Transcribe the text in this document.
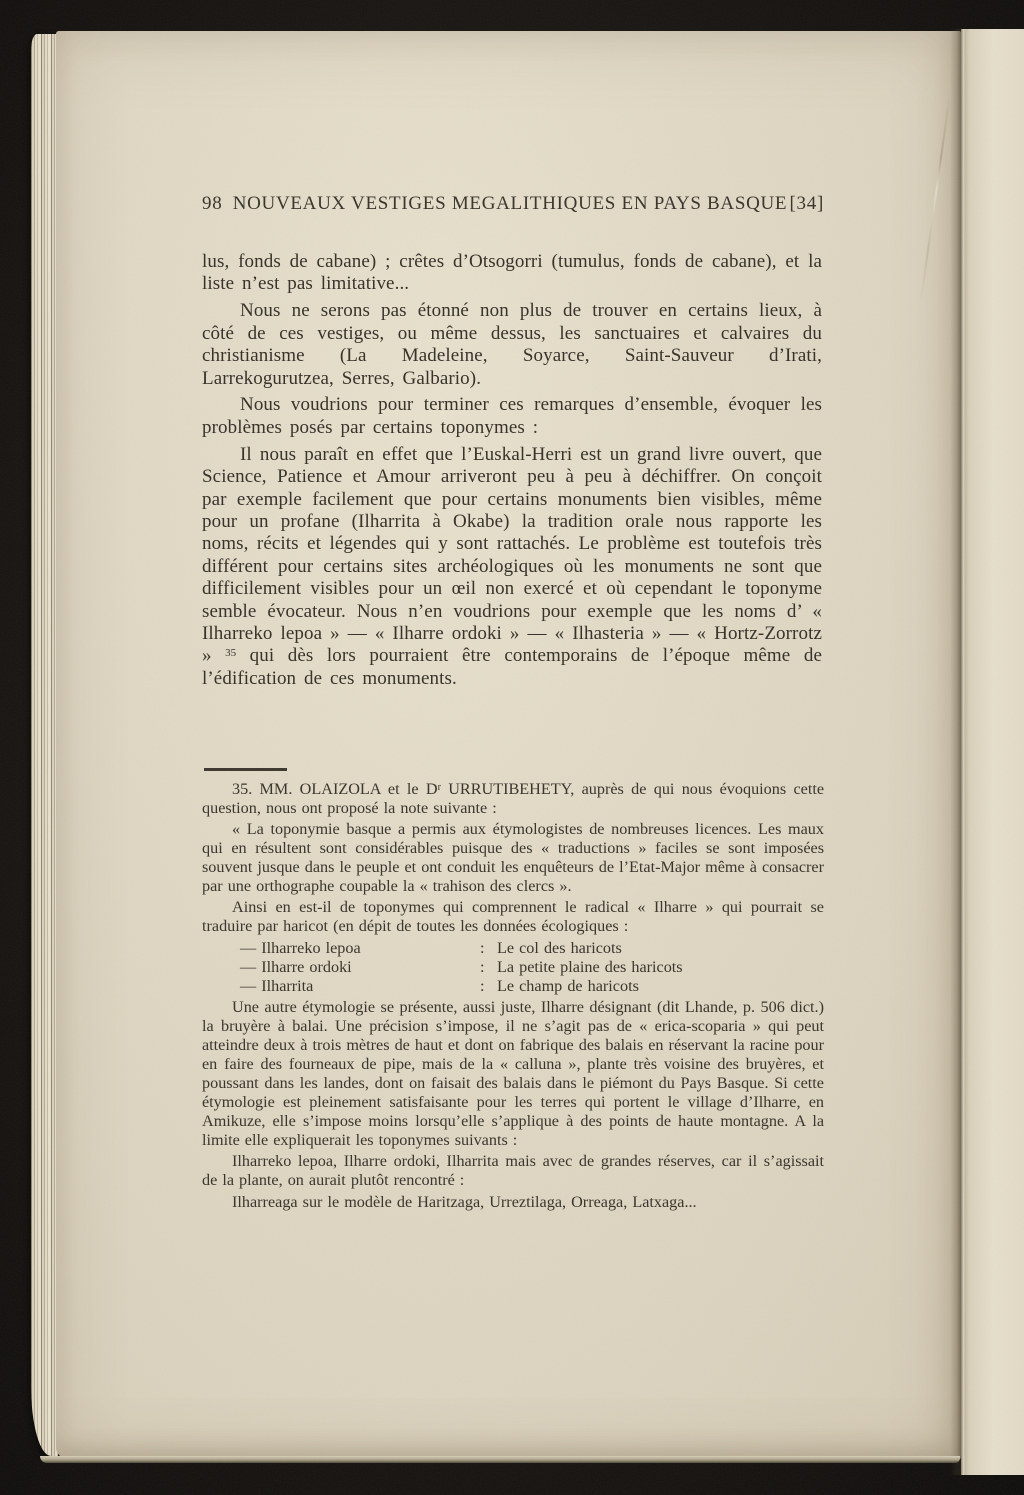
98 NOUVEAUX VESTIGES MEGALITHIQUES EN PAYS BASQUE [34]

lus, fonds de cabane) ; crêtes d’Otsogorri (tumulus, fonds de cabane), et la liste n’est pas limitative...

Nous ne serons pas étonné non plus de trouver en certains lieux, à côté de ces vestiges, ou même dessus, les sanctuaires et calvaires du christianisme (La Madeleine, Soyarce, Saint-Sauveur d’Irati, Larrekogurutzea, Serres, Galbario).

Nous voudrions pour terminer ces remarques d’ensemble, évoquer les problèmes posés par certains toponymes :

Il nous paraît en effet que l’Euskal-Herri est un grand livre ouvert, que Science, Patience et Amour arriveront peu à peu à déchiffrer. On conçoit par exemple facilement que pour certains monuments bien visibles, même pour un profane (Ilharrita à Okabe) la tradition orale nous rapporte les noms, récits et légendes qui y sont rattachés. Le problème est toutefois très différent pour certains sites archéologiques où les monuments ne sont que difficilement visibles pour un œil non exercé et où cependant le toponyme semble évocateur. Nous n’en voudrions pour exemple que les noms d’ « Ilharreko lepoa » — « Ilharre ordoki » — « Ilhasteria » — « Hortz-Zorrotz » $^{35}$ qui dès lors pourraient être contemporains de l’époque même de l’édification de ces monuments.

35. MM. OLAIZOLA et le $D^r$ URRUTIBEHETY, auprès de qui nous évoquions cette question, nous ont proposé la note suivante :

« La toponymie basque a permis aux étymologistes de nombreuses licences. Les maux qui en résultent sont considérables puisque des « traductions » faciles se sont imposées souvent jusque dans le peuple et ont conduit les enquêteurs de l’Etat-Major même à consacrer par une orthographe coupable la « trahison des clercs ».

Ainsi en est-il de toponymes qui comprennent le radical « Ilharre » qui pourrait se traduire par haricot (en dépit de toutes les données écologiques :

— Ilharreko lepoa	: Le col des haricots
— Ilharre ordoki	: La petite plaine des haricots
— Ilharrita	: Le champ de haricots

Une autre étymologie se présente, aussi juste, Ilharre désignant (dit Lhande, p. 506 dict.) la bruyère à balai. Une précision s’impose, il ne s’agit pas de « erica-scoparia » qui peut atteindre deux à trois mètres de haut et dont on fabrique des balais en réservant la racine pour en faire des fourneaux de pipe, mais de la « calluna », plante très voisine des bruyères, et poussant dans les landes, dont on faisait des balais dans le piémont du Pays Basque. Si cette étymologie est pleinement satisfaisante pour les terres qui portent le village d’Ilharre, en Amikuze, elle s’impose moins lorsqu’elle s’applique à des points de haute montagne. A la limite elle expliquerait les toponymes suivants :

Ilharreko lepoa, Ilharre ordoki, Ilharrita mais avec de grandes réserves, car il s’agissait de la plante, on aurait plutôt rencontré :

Ilharreaga sur le modèle de Haritzaga, Urreztilaga, Orreaga, Latxaga...
